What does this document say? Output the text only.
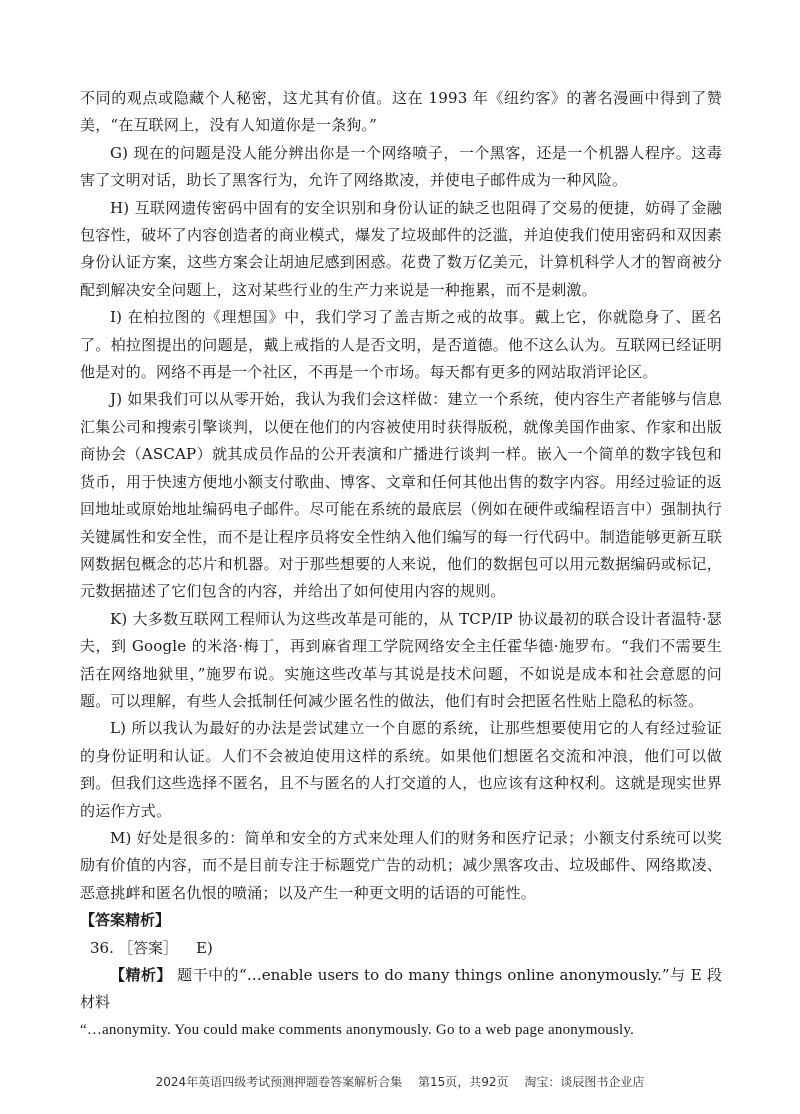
不同的观点或隐藏个人秘密，这尤其有价值。这在 1993 年《纽约客》的著名漫画中得到了赞美，“在互联网上，没有人知道你是一条狗。”

G) 现在的问题是没人能分辨出你是一个网络喷子，一个黑客，还是一个机器人程序。这毒害了文明对话，助长了黑客行为，允许了网络欺凌，并使电子邮件成为一种风险。

H) 互联网遗传密码中固有的安全识别和身份认证的缺乏也阻碍了交易的便捷，妨碍了金融包容性，破坏了内容创造者的商业模式，爆发了垃圾邮件的泛滥，并迫使我们使用密码和双因素身份认证方案，这些方案会让胡迪尼感到困惑。花费了数万亿美元，计算机科学人才的智商被分配到解决安全问题上，这对某些行业的生产力来说是一种拖累，而不是刺激。

I) 在柏拉图的《理想国》中，我们学习了盖吉斯之戒的故事。戴上它，你就隐身了、匿名了。柏拉图提出的问题是，戴上戒指的人是否文明，是否道德。他不这么认为。互联网已经证明他是对的。网络不再是一个社区，不再是一个市场。每天都有更多的网站取消评论区。

J) 如果我们可以从零开始，我认为我们会这样做：建立一个系统，使内容生产者能够与信息汇集公司和搜索引擎谈判，以便在他们的内容被使用时获得版税，就像美国作曲家、作家和出版商协会（ASCAP）就其成员作品的公开表演和广播进行谈判一样。嵌入一个简单的数字钱包和货币，用于快速方便地小额支付歌曲、博客、文章和任何其他出售的数字内容。用经过验证的返回地址或原始地址编码电子邮件。尽可能在系统的最底层（例如在硬件或编程语言中）强制执行关键属性和安全性，而不是让程序员将安全性纳入他们编写的每一行代码中。制造能够更新互联网数据包概念的芯片和机器。对于那些想要的人来说，他们的数据包可以用元数据编码或标记，元数据描述了它们包含的内容，并给出了如何使用内容的规则。

K) 大多数互联网工程师认为这些改革是可能的，从 TCP/IP 协议最初的联合设计者温特·瑟夫，到 Google 的米洛·梅丁，再到麻省理工学院网络安全主任霍华德·施罗布。“我们不需要生活在网络地狱里，”施罗布说。实施这些改革与其说是技术问题，不如说是成本和社会意愿的问题。可以理解，有些人会抵制任何减少匿名性的做法，他们有时会把匿名性贴上隐私的标签。

L) 所以我认为最好的办法是尝试建立一个自愿的系统，让那些想要使用它的人有经过验证的身份证明和认证。人们不会被迫使用这样的系统。如果他们想匿名交流和冲浪，他们可以做到。但我们这些选择不匿名，且不与匿名的人打交道的人，也应该有这种权利。这就是现实世界的运作方式。

M) 好处是很多的：简单和安全的方式来处理人们的财务和医疗记录；小额支付系统可以奖励有价值的内容，而不是目前专注于标题党广告的动机；减少黑客攻击、垃圾邮件、网络欺凌、恶意挑衅和匿名仇恨的喷涌；以及产生一种更文明的话语的可能性。

【答案精析】

36. ［答案］ E)

【精析】 题干中的“…enable users to do many things online anonymously.”与 E 段材料

“…anonymity. You could make comments anonymously. Go to a web page anonymously.

2024年英语四级考试预测押题卷答案解析合集 第15页，共92页 淘宝：谈辰图书企业店
